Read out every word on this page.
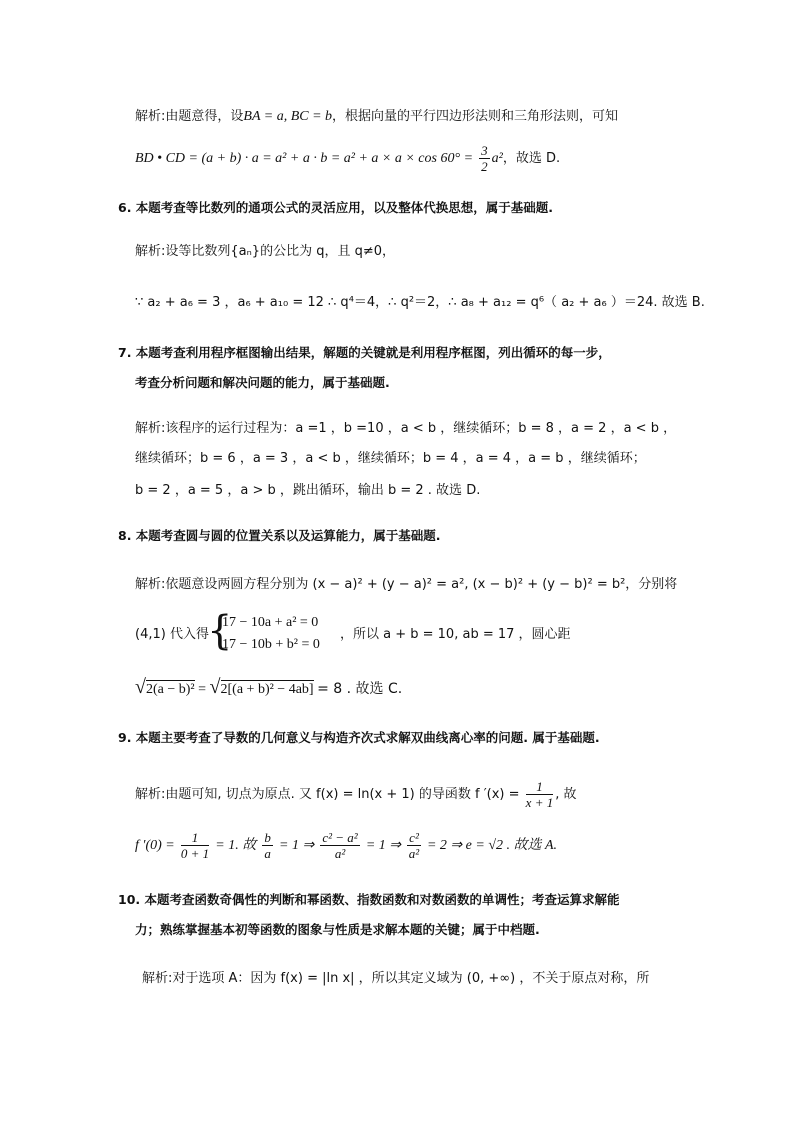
解析:由题意得，设BA = a, BC = b，根据向量的平行四边形法则和三角形法则，可知
BD • CD = $(a + b) \cdot a = a^2 + a \cdot b = a^2 + a \times a \times \cos 60^\circ = \frac{3}{2} a^2$，故选 D.
6. 本题考查等比数列的通项公式的灵活应用，以及整体代换思想，属于基础题.
解析:设等比数列{aₙ}的公比为 q，且 q≠0，
∵ a₂ + a₆ = 3 ，a₆ + a₁₀ = 12 ∴ q⁴＝4，∴ q²＝2，∴ a₈ + a₁₂ = q⁶（ a₂ + a₆ ）＝24. 故选 B.
7. 本题考查利用程序框图输出结果，解题的关键就是利用程序框图，列出循环的每一步，
考查分析问题和解决问题的能力，属于基础题.
解析:该程序的运行过程为：a =1 ，b =10 ，a < b ，继续循环；b = 8 ，a = 2 ，a < b ，
继续循环；b = 6 ，a = 3 ，a < b ，继续循环；b = 4 ，a = 4 ，a = b ，继续循环；
b = 2 ，a = 5 ，a > b ，跳出循环，输出 b = 2 . 故选 D.
8. 本题考查圆与圆的位置关系以及运算能力，属于基础题.
解析:依题意设两圆方程分别为 (x − a)² + (y − a)² = a², (x − b)² + (y − b)² = b²，分别将
(4,1) 代入得
{
17 − 10a + a² = 0
17 − 10b + b² = 0
，所以 a + b = 10, ab = 17 ，圆心距
√2(a − b)² = √2[(a + b)² − 4ab] = 8 . 故选 C.
9. 本题主要考查了导数的几何意义与构造齐次式求解双曲线离心率的问题. 属于基础题.
解析:由题可知, 切点为原点. 又 f(x) = ln(x + 1) 的导函数 f $'(x) = \frac{1}{x + 1}$ , 故
f $'(0) = \frac{1}{0 + 1} = 1$. 故 $\frac{b}{a} = 1$ ⇒ $\frac{\text{c² − a²}}{\text{a²}} = 1$ ⇒ $\frac{\text{c²}}{\text{a²}} = 2$ ⇒ e = √2 . 故选 A.
10. 本题考查函数奇偶性的判断和幂函数、指数函数和对数函数的单调性；考查运算求解能
力；熟练掌握基本初等函数的图象与性质是求解本题的关键；属于中档题.
解析:对于选项 A：因为 f(x) = |ln x| ，所以其定义域为 (0, +∞) ，不关于原点对称，所
